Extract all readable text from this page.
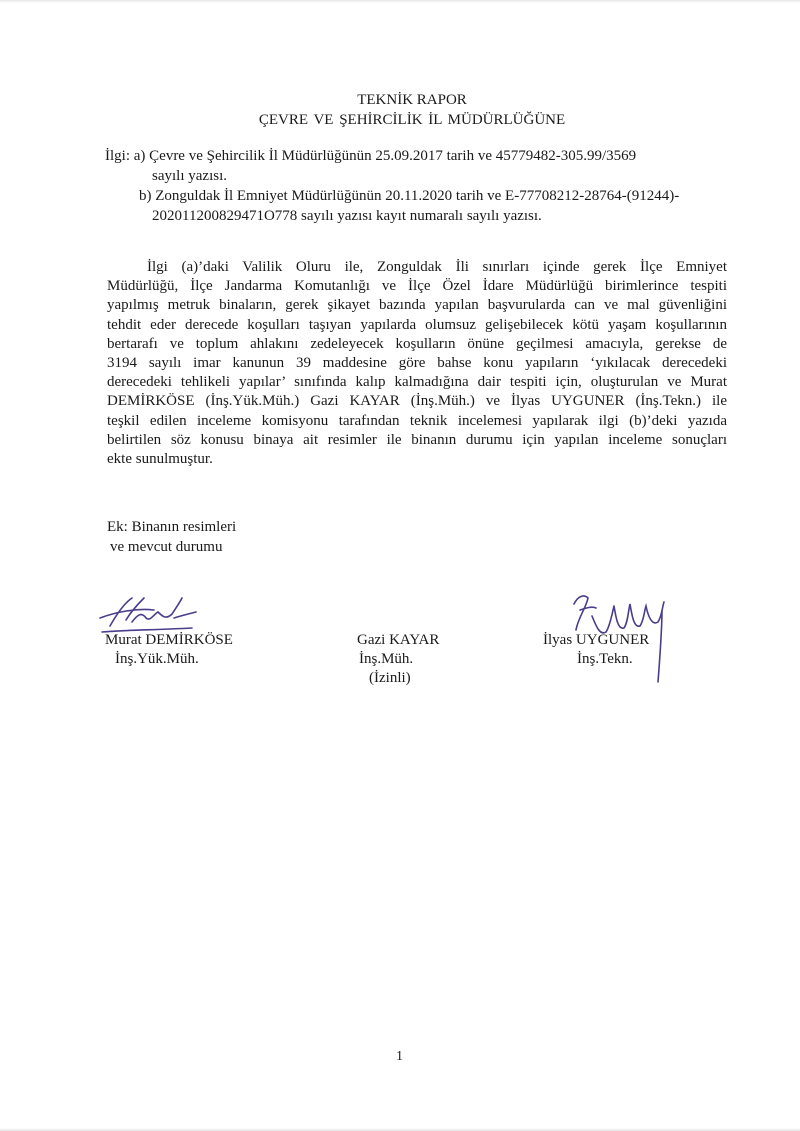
TEKNİK RAPOR
ÇEVRE VE ŞEHİRCİLİK İL MÜDÜRLÜĞÜNE
İlgi: a) Çevre ve Şehircilik İl Müdürlüğünün 25.09.2017 tarih ve 45779482-305.99/3569
sayılı yazısı.
b) Zonguldak İl Emniyet Müdürlüğünün 20.11.2020 tarih ve E-77708212-28764-(91244)-
202011200829471O778 sayılı yazısı kayıt numaralı sayılı yazısı.
İlgi (a)’daki Valilik Oluru ile, Zonguldak İli sınırları içinde gerek İlçe Emniyet
Müdürlüğü, İlçe Jandarma Komutanlığı ve İlçe Özel İdare Müdürlüğü birimlerince tespiti
yapılmış metruk binaların, gerek şikayet bazında yapılan başvurularda can ve mal güvenliğini
tehdit eder derecede koşulları taşıyan yapılarda olumsuz gelişebilecek kötü yaşam koşullarının
bertarafı ve toplum ahlakını zedeleyecek koşulların önüne geçilmesi amacıyla, gerekse de
3194 sayılı imar kanunun 39 maddesine göre bahse konu yapıların ‘yıkılacak derecedeki
derecedeki tehlikeli yapılar’ sınıfında kalıp kalmadığına dair tespiti için, oluşturulan ve Murat
DEMİRKÖSE (İnş.Yük.Müh.) Gazi KAYAR (İnş.Müh.) ve İlyas UYGUNER (İnş.Tekn.) ile
teşkil edilen inceleme komisyonu tarafından teknik incelemesi yapılarak ilgi (b)’deki yazıda
belirtilen söz konusu binaya ait resimler ile binanın durumu için yapılan inceleme sonuçları
ekte sunulmuştur.
Ek: Binanın resimleri
ve mevcut durumu
Murat DEMİRKÖSE
İnş.Yük.Müh.
Gazi KAYAR
İnş.Müh.
(İzinli)
İlyas UYGUNER
İnş.Tekn.
1
